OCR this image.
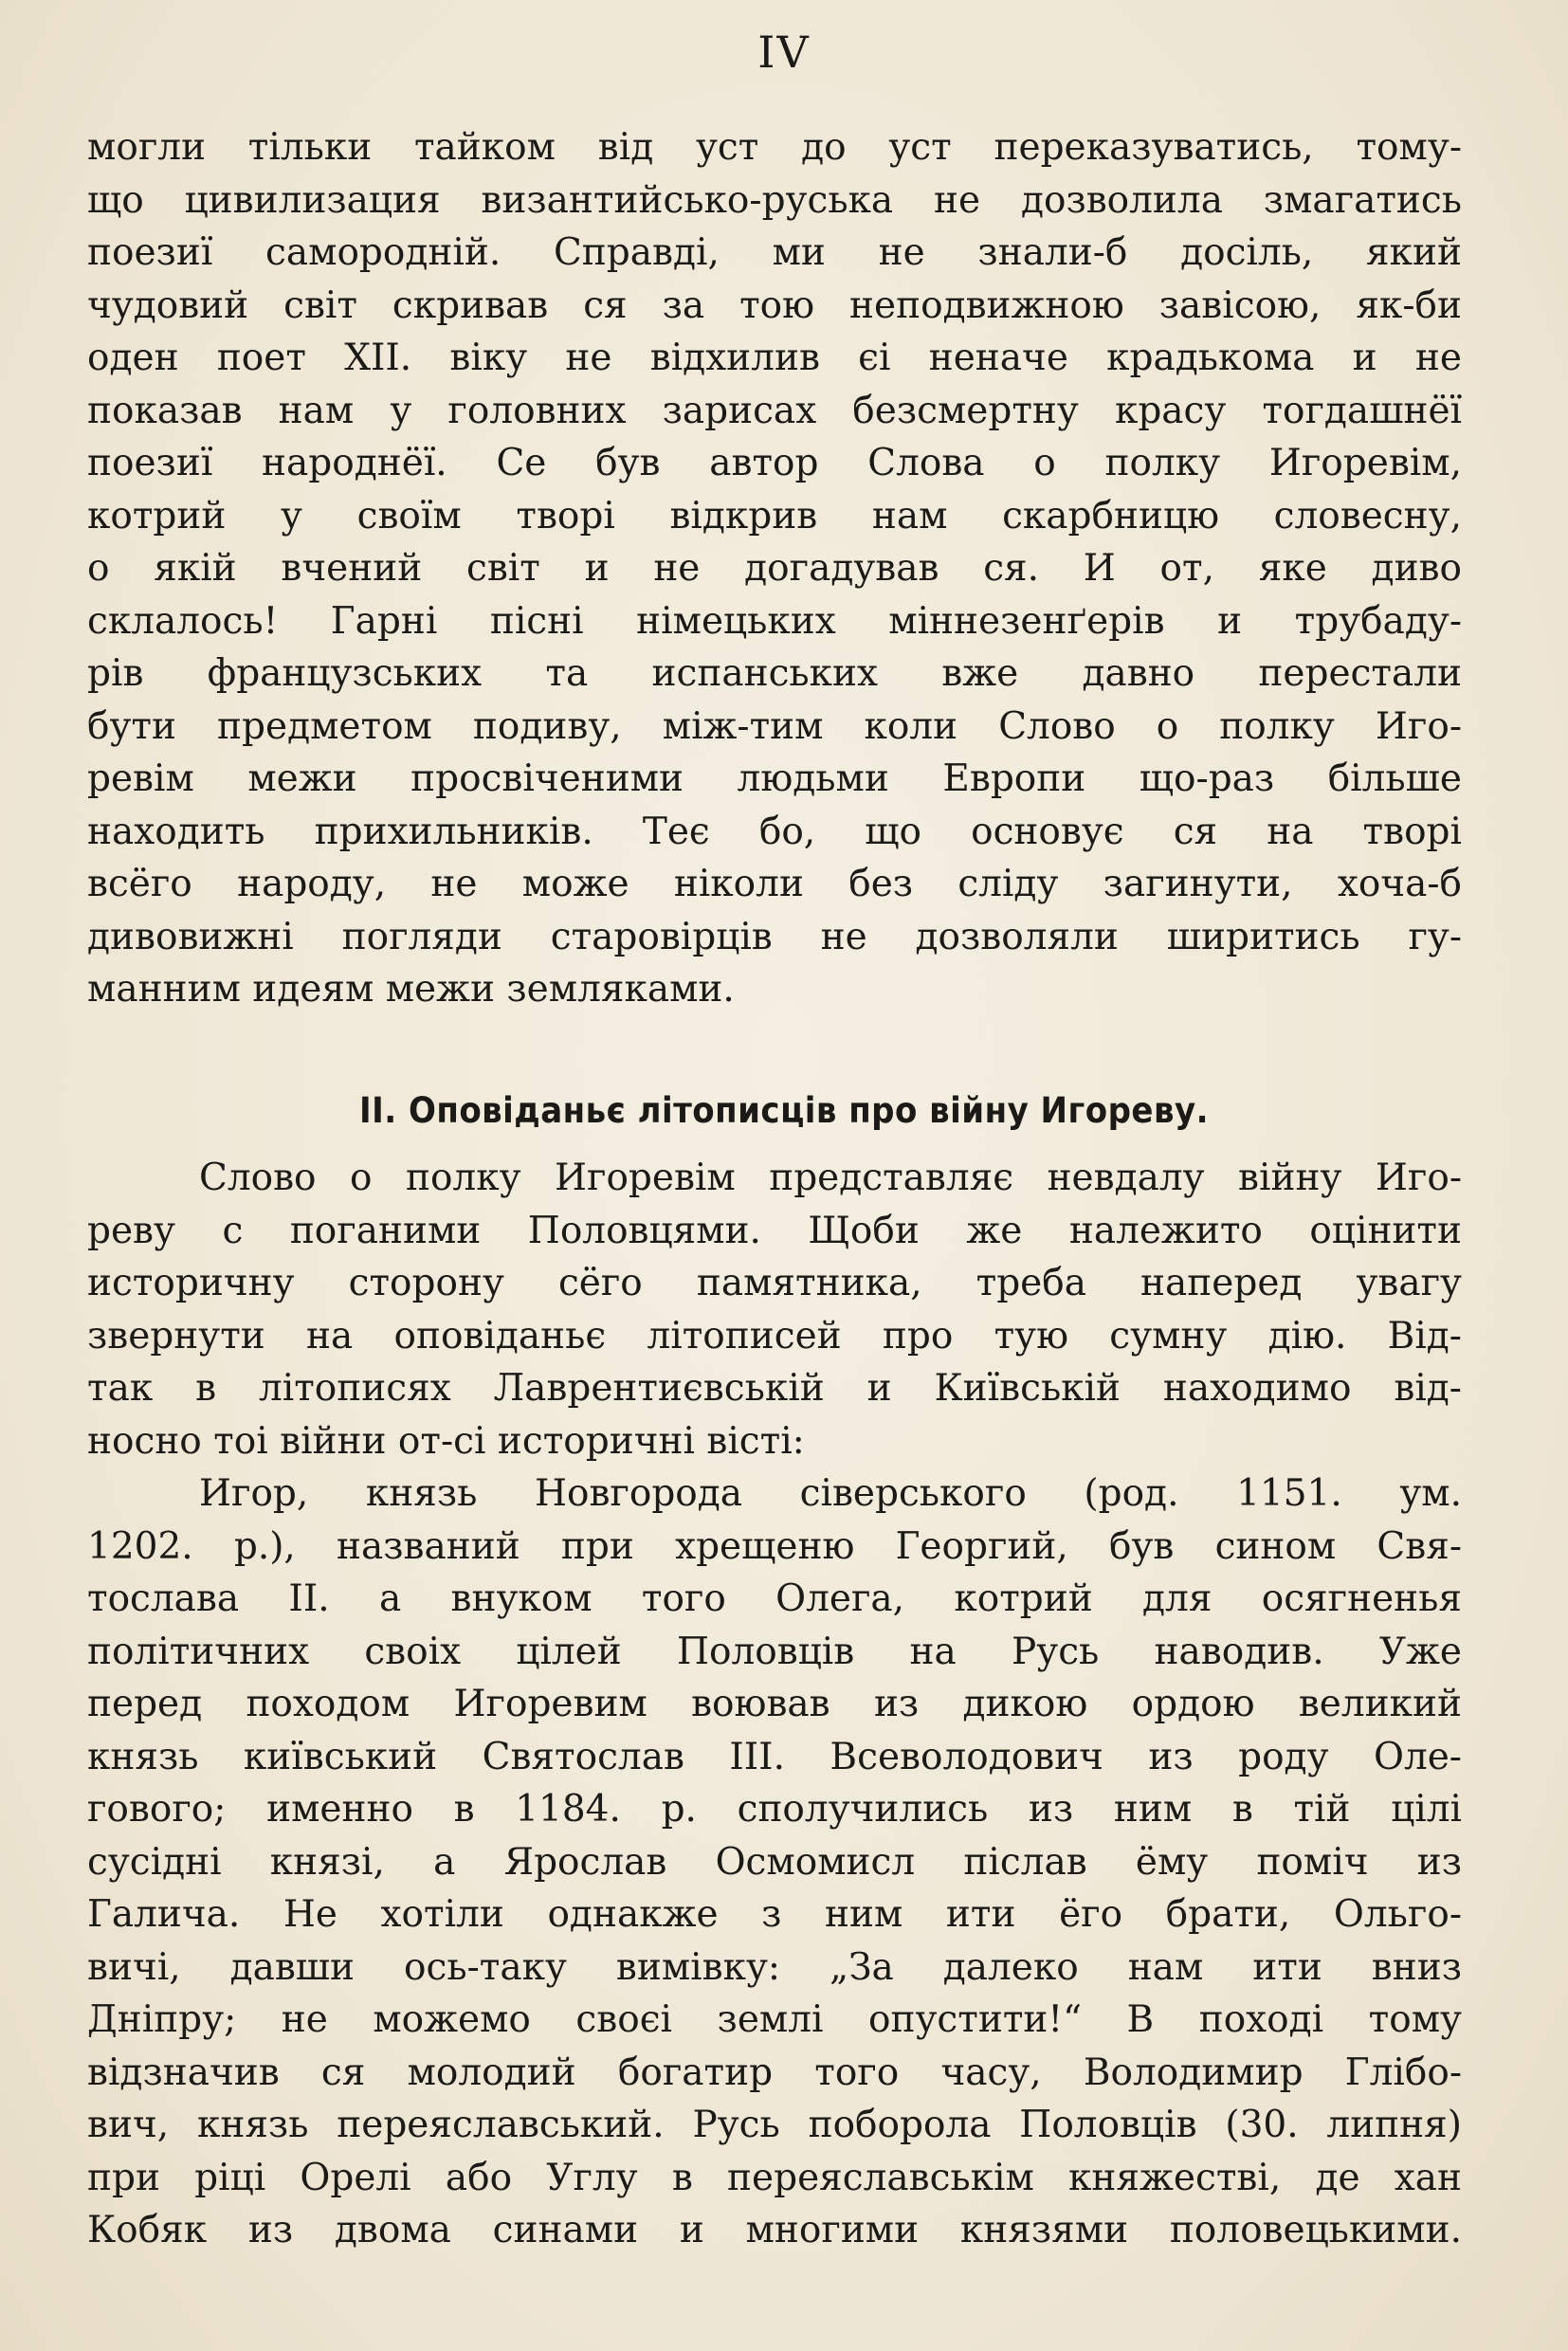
IV
могли тільки тайком від уст до уст переказуватись, тому-
що цивилизация византийсько-руська не дозволила змагатись
поезиї самородній. Справді, ми не знали-б досіль, який
чудовий світ скривав ся за тою неподвижною завісою, як-би
оден поет XII. віку не відхилив єі неначе крадькома и не
показав нам у головних зарисах безсмертну красу тогдашнёї
поезиї народнёї. Се був автор Слова о полку Игоревім,
котрий у своїм творі відкрив нам скарбницю словесну,
о якій вчений світ и не догадував ся. И от, яке диво
склалось! Гарні пісні німецьких міннезенґерів и трубаду-
рів французських та испанських вже давно перестали
бути предметом подиву, між-тим коли Слово о полку Иго-
ревім межи просвіченими людьми Европи що-раз більше
находить прихильників. Теє бо, що основує ся на творі
всёго народу, не може ніколи без сліду загинути, хоча-б
дивовижні погляди старовірців не дозволяли ширитись гу-
манним идеям межи земляками.
II. Оповіданьє літописців про війну Игореву.
Слово о полку Игоревім представляє невдалу війну Иго-
реву с поганими Половцями. Щоби же належито оцінити
историчну сторону сёго памятника, треба наперед увагу
звернути на оповіданьє літописей про тую сумну дію. Від-
так в літописях Лаврентиєвській и Київській находимо від-
носно тоі війни от-сі историчні вісті:
Игор, князь Новгорода сіверського (род. 1151. ум.
1202. р.), названий при хрещеню Георгий, був сином Свя-
тослава II. а внуком того Олега, котрий для осягненья
політичних своіх цілей Половців на Русь наводив. Уже
перед походом Игоревим воював из дикою ордою великий
князь київський Святослав III. Всеволодович из роду Оле-
гового; именно в 1184. р. сполучились из ним в тій цілі
сусідні князі, а Ярослав Осмомисл післав ёму поміч из
Галича. Не хотіли однакже з ним ити ёго брати, Ольго-
вичі, давши ось-таку вимівку: „За далеко нам ити вниз
Дніпру; не можемо своєі землі опустити!“ В поході тому
відзначив ся молодий богатир того часу, Володимир Глібо-
вич, князь переяславський. Русь поборола Половців (30. липня)
при ріці Орелі або Углу в переяславськім княжестві, де хан
Кобяк из двома синами и многими князями половецькими.
